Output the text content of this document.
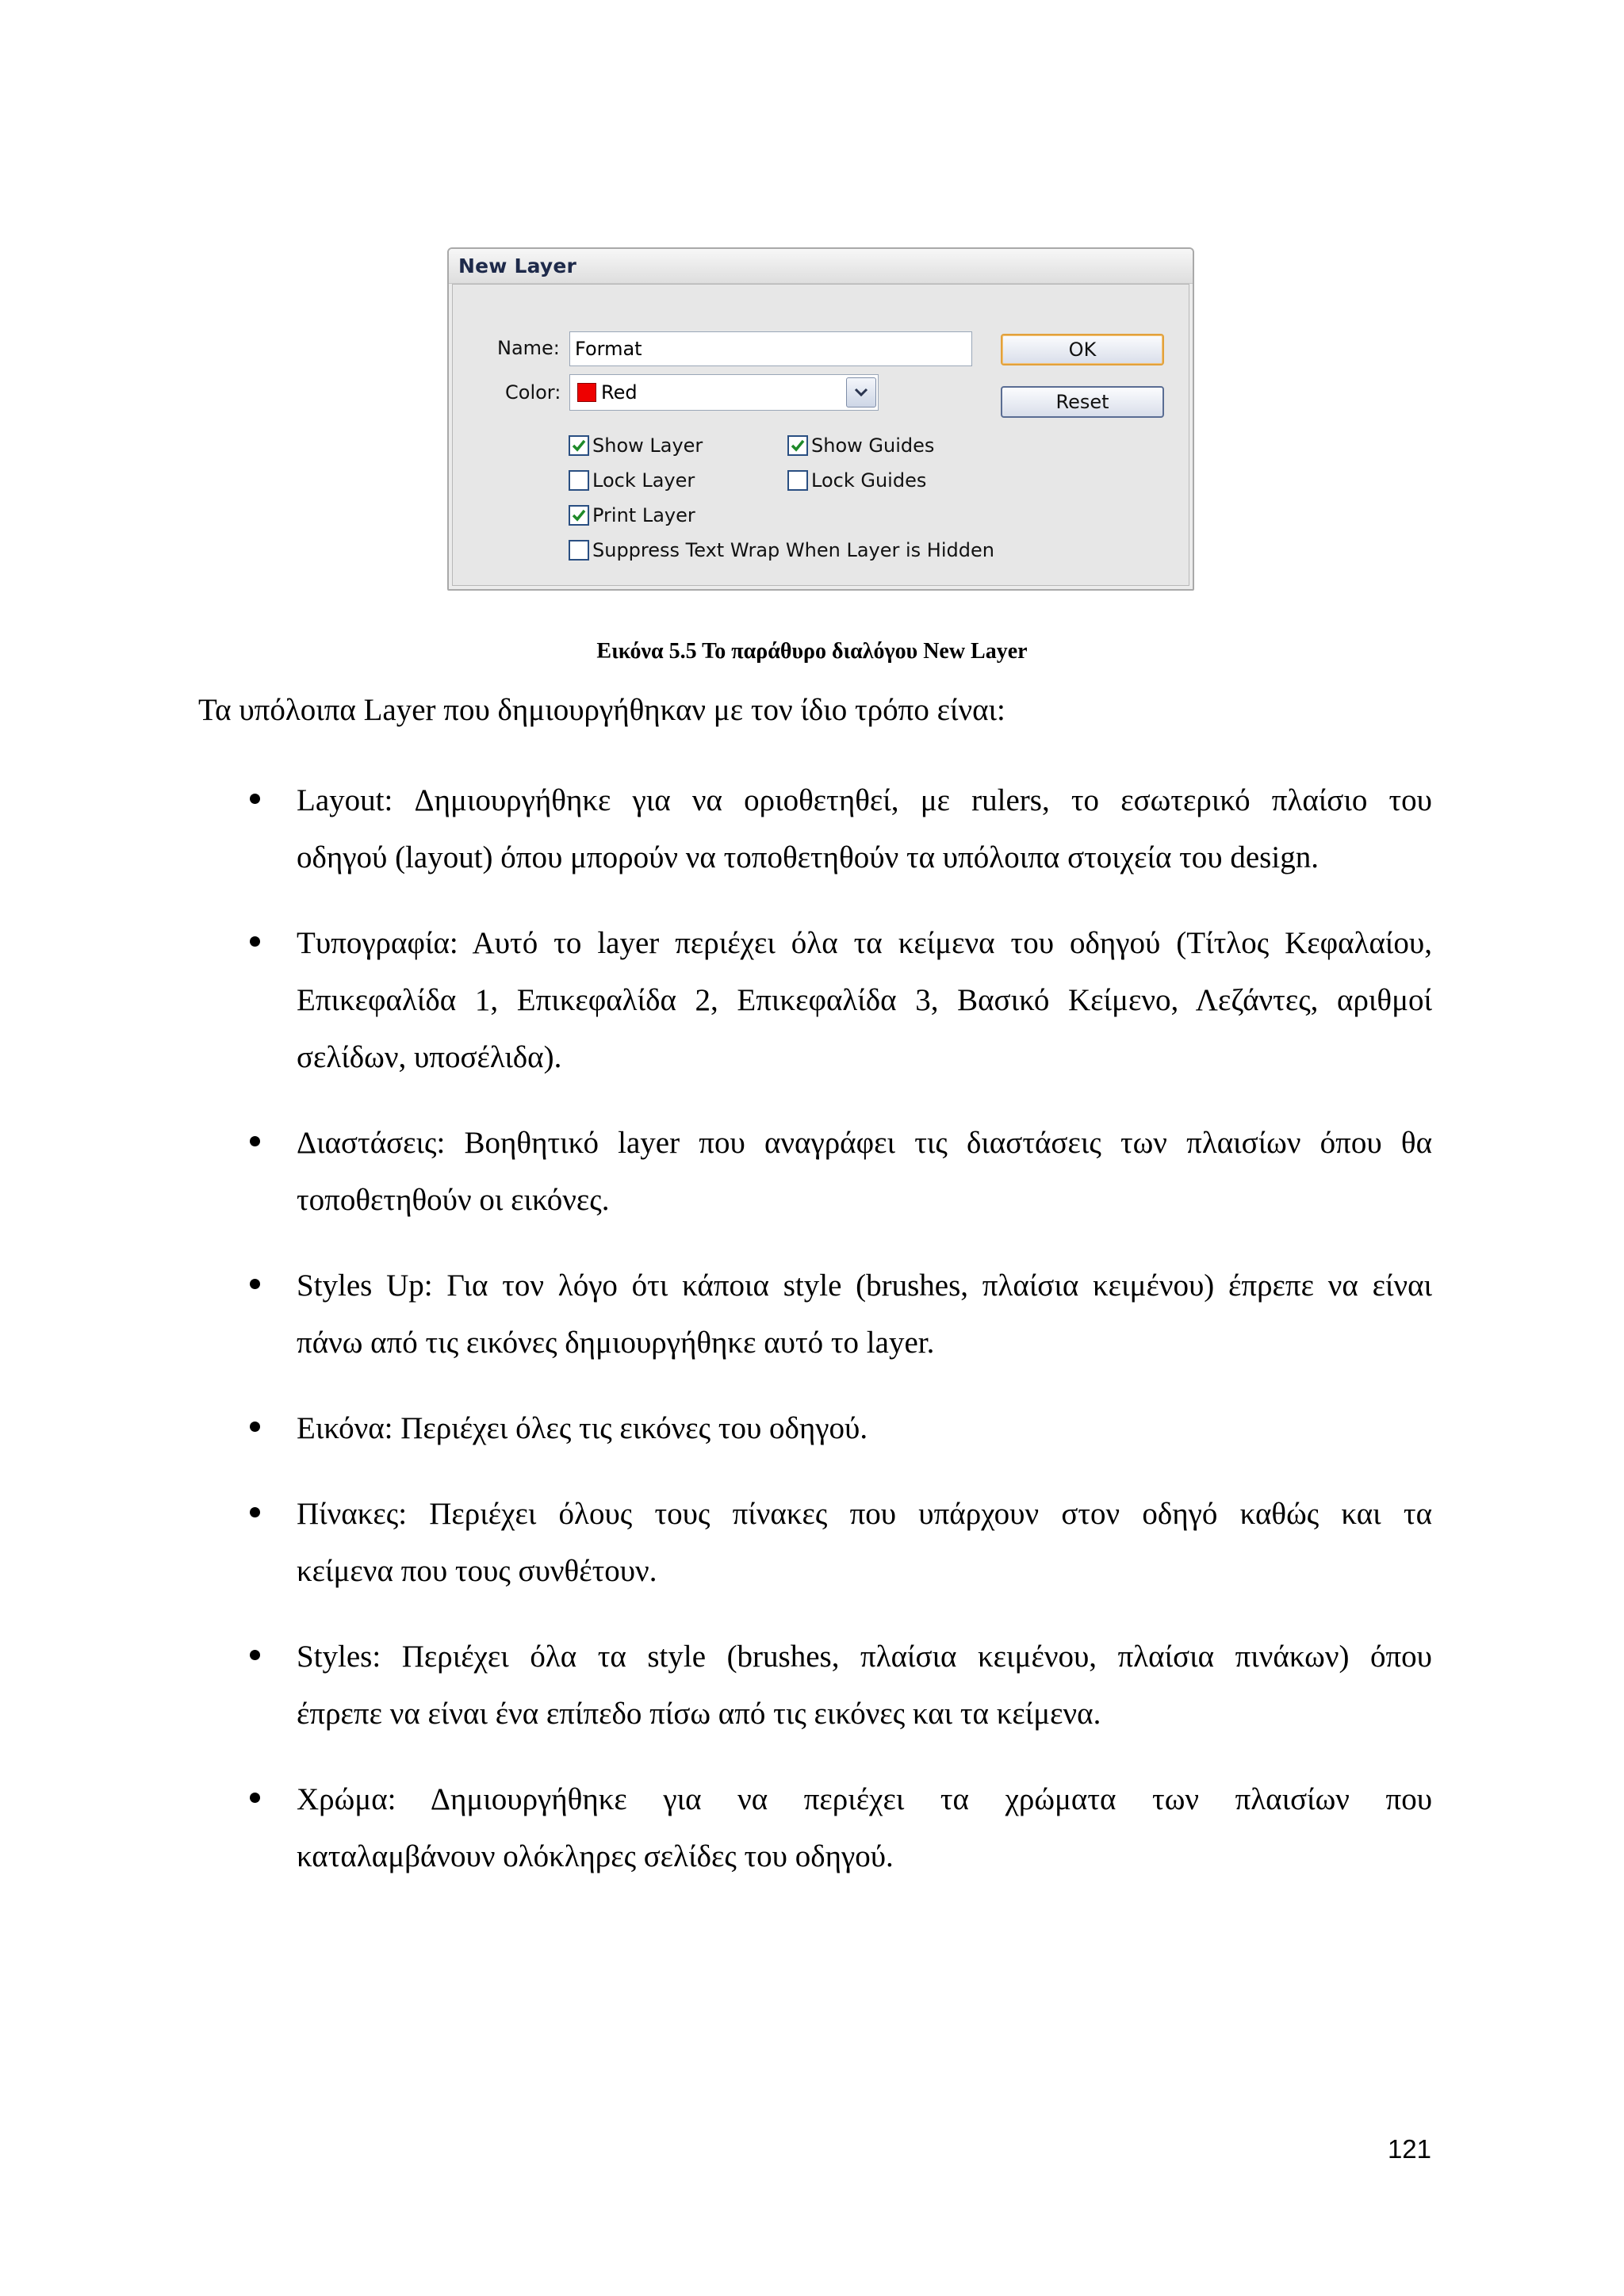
New Layer
Name: Format
Color: Red
OK
Reset
Show Layer	Show Guides
Lock Layer	Lock Guides
Print Layer
Suppress Text Wrap When Layer is Hidden
Εικόνα 5.5 Το παράθυρο διαλόγου New Layer
Τα υπόλοιπα Layer που δημιουργήθηκαν με τον ίδιο τρόπο είναι:
Layout: Δημιουργήθηκε για να οριοθετηθεί, με rulers, το εσωτερικό πλαίσιο του
οδηγού (layout) όπου μπορούν να τοποθετηθούν τα υπόλοιπα στοιχεία του design.
Τυπογραφία: Αυτό το layer περιέχει όλα τα κείμενα του οδηγού (Τίτλος Κεφαλαίου,
Επικεφαλίδα 1, Επικεφαλίδα 2, Επικεφαλίδα 3, Βασικό Κείμενο, Λεζάντες, αριθμοί
σελίδων, υποσέλιδα).
Διαστάσεις: Βοηθητικό layer που αναγράφει τις διαστάσεις των πλαισίων όπου θα
τοποθετηθούν οι εικόνες.
Styles Up: Για τον λόγο ότι κάποια style (brushes, πλαίσια κειμένου) έπρεπε να είναι
πάνω από τις εικόνες δημιουργήθηκε αυτό το layer.
Εικόνα: Περιέχει όλες τις εικόνες του οδηγού.
Πίνακες: Περιέχει όλους τους πίνακες που υπάρχουν στον οδηγό καθώς και τα
κείμενα που τους συνθέτουν.
Styles: Περιέχει όλα τα style (brushes, πλαίσια κειμένου, πλαίσια πινάκων) όπου
έπρεπε να είναι ένα επίπεδο πίσω από τις εικόνες και τα κείμενα.
Χρώμα: Δημιουργήθηκε για να περιέχει τα χρώματα των πλαισίων που
καταλαμβάνουν ολόκληρες σελίδες του οδηγού.
121
